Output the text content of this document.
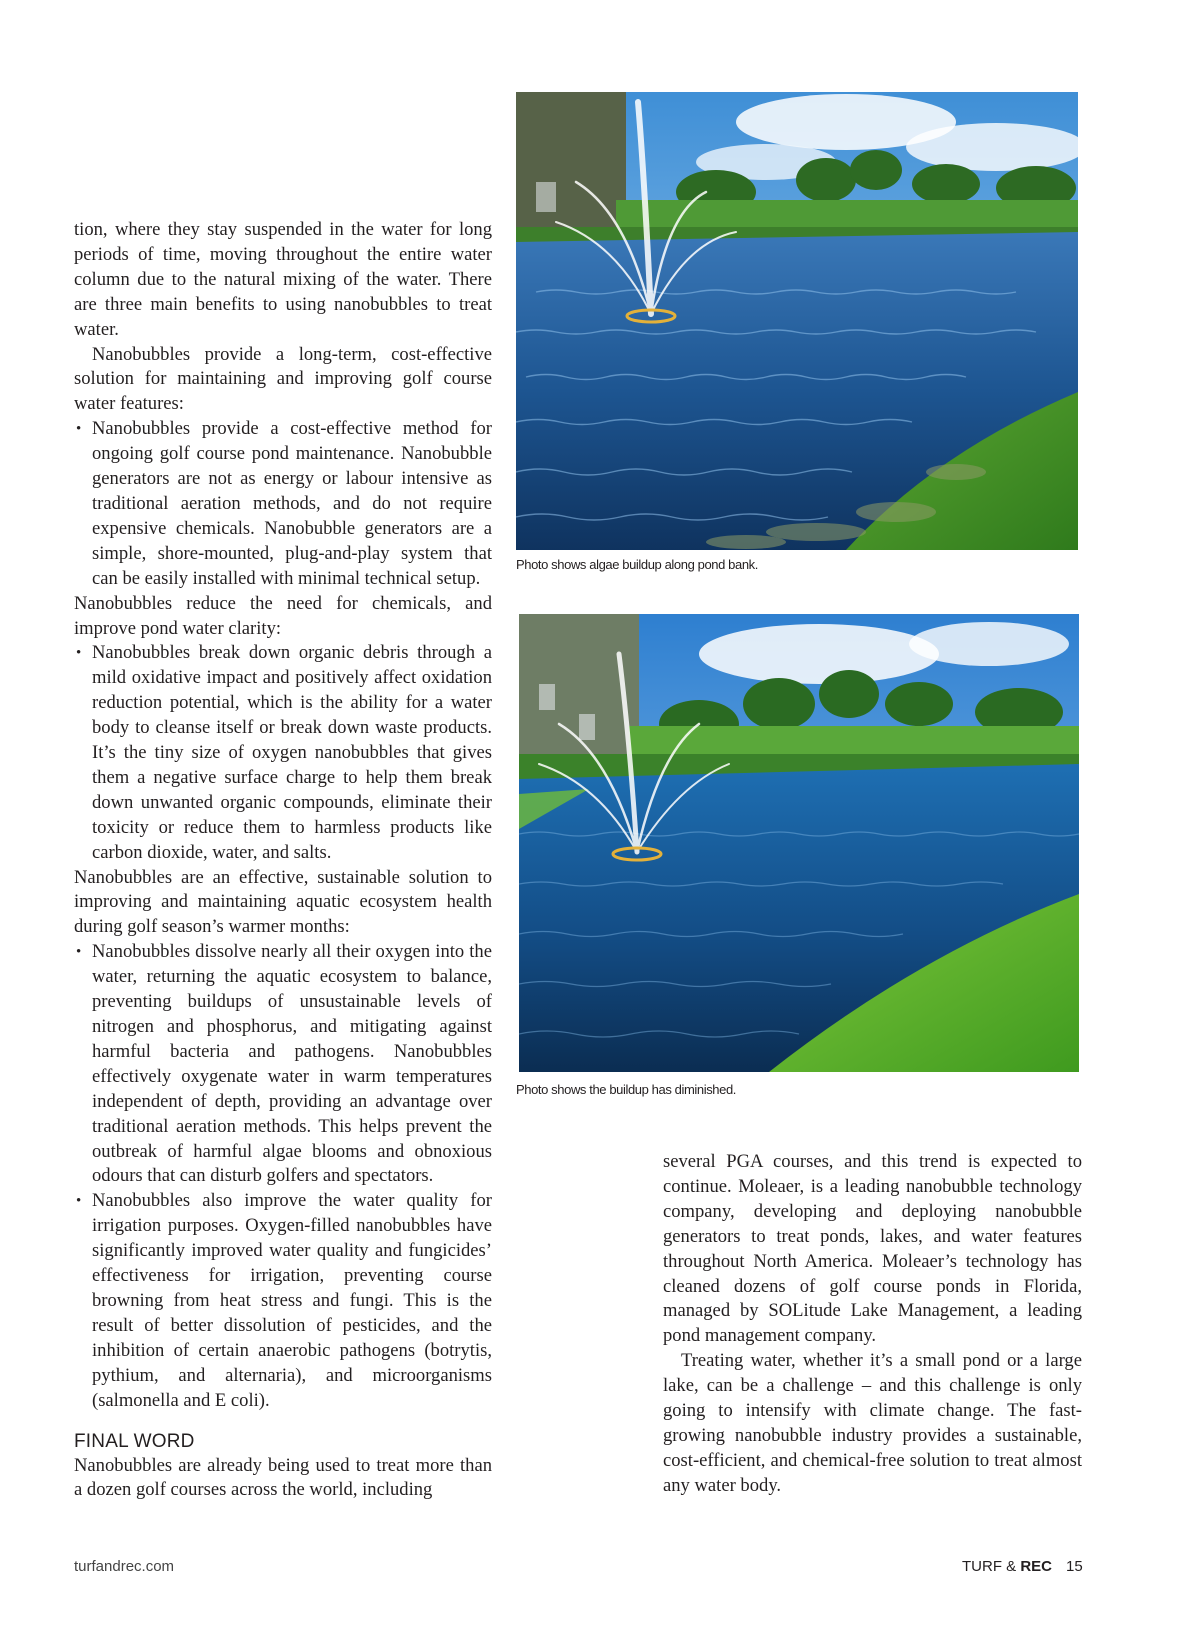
tion, where they stay suspended in the water for long periods of time, moving throughout the entire water column due to the natural mixing of the water. There are three main benefits to using nanobubbles to treat water.

Nanobubbles provide a long-term, cost-effective solution for maintaining and improving golf course water features:

• Nanobubbles provide a cost-effective method for ongoing golf course pond maintenance. Nanobubble generators are not as energy or labour intensive as traditional aeration methods, and do not require expensive chemicals. Nanobubble generators are a simple, shore-mounted, plug-and-play system that can be easily installed with minimal technical setup.

Nanobubbles reduce the need for chemicals, and improve pond water clarity:

• Nanobubbles break down organic debris through a mild oxidative impact and positively affect oxidation reduction potential, which is the ability for a water body to cleanse itself or break down waste products. It’s the tiny size of oxygen nanobubbles that gives them a negative surface charge to help them break down unwanted organic compounds, eliminate their toxicity or reduce them to harmless products like carbon dioxide, water, and salts.

Nanobubbles are an effective, sustainable solution to improving and maintaining aquatic ecosystem health during golf season’s warmer months:

• Nanobubbles dissolve nearly all their oxygen into the water, returning the aquatic ecosystem to balance, preventing buildups of unsustainable levels of nitrogen and phosphorus, and mitigating against harmful bacteria and pathogens. Nanobubbles effectively oxygenate water in warm temperatures independent of depth, providing an advantage over traditional aeration methods. This helps prevent the outbreak of harmful algae blooms and obnoxious odours that can disturb golfers and spectators.
• Nanobubbles also improve the water quality for irrigation purposes. Oxygen-filled nanobubbles have significantly improved water quality and fungicides’ effectiveness for irrigation, preventing course browning from heat stress and fungi. This is the result of better dissolution of pesticides, and the inhibition of certain anaerobic pathogens (botrytis, pythium, and alternaria), and microorganisms (salmonella and E coli).
FINAL WORD

Nanobubbles are already being used to treat more than a dozen golf courses across the world, including

several PGA courses, and this trend is expected to continue. Moleaer, is a leading nanobubble technology company, developing and deploying nanobubble generators to treat ponds, lakes, and water features throughout North America. Moleaer’s technology has cleaned dozens of golf course ponds in Florida, managed by SOLitude Lake Management, a leading pond management company.

Treating water, whether it’s a small pond or a large lake, can be a challenge – and this challenge is only going to intensify with climate change. The fast-growing nanobubble industry provides a sustainable, cost-efficient, and chemical-free solution to treat almost any water body.

Photo shows algae buildup along pond bank.
Photo shows the buildup has diminished.
turfandrec.com	TURF & REC 15
